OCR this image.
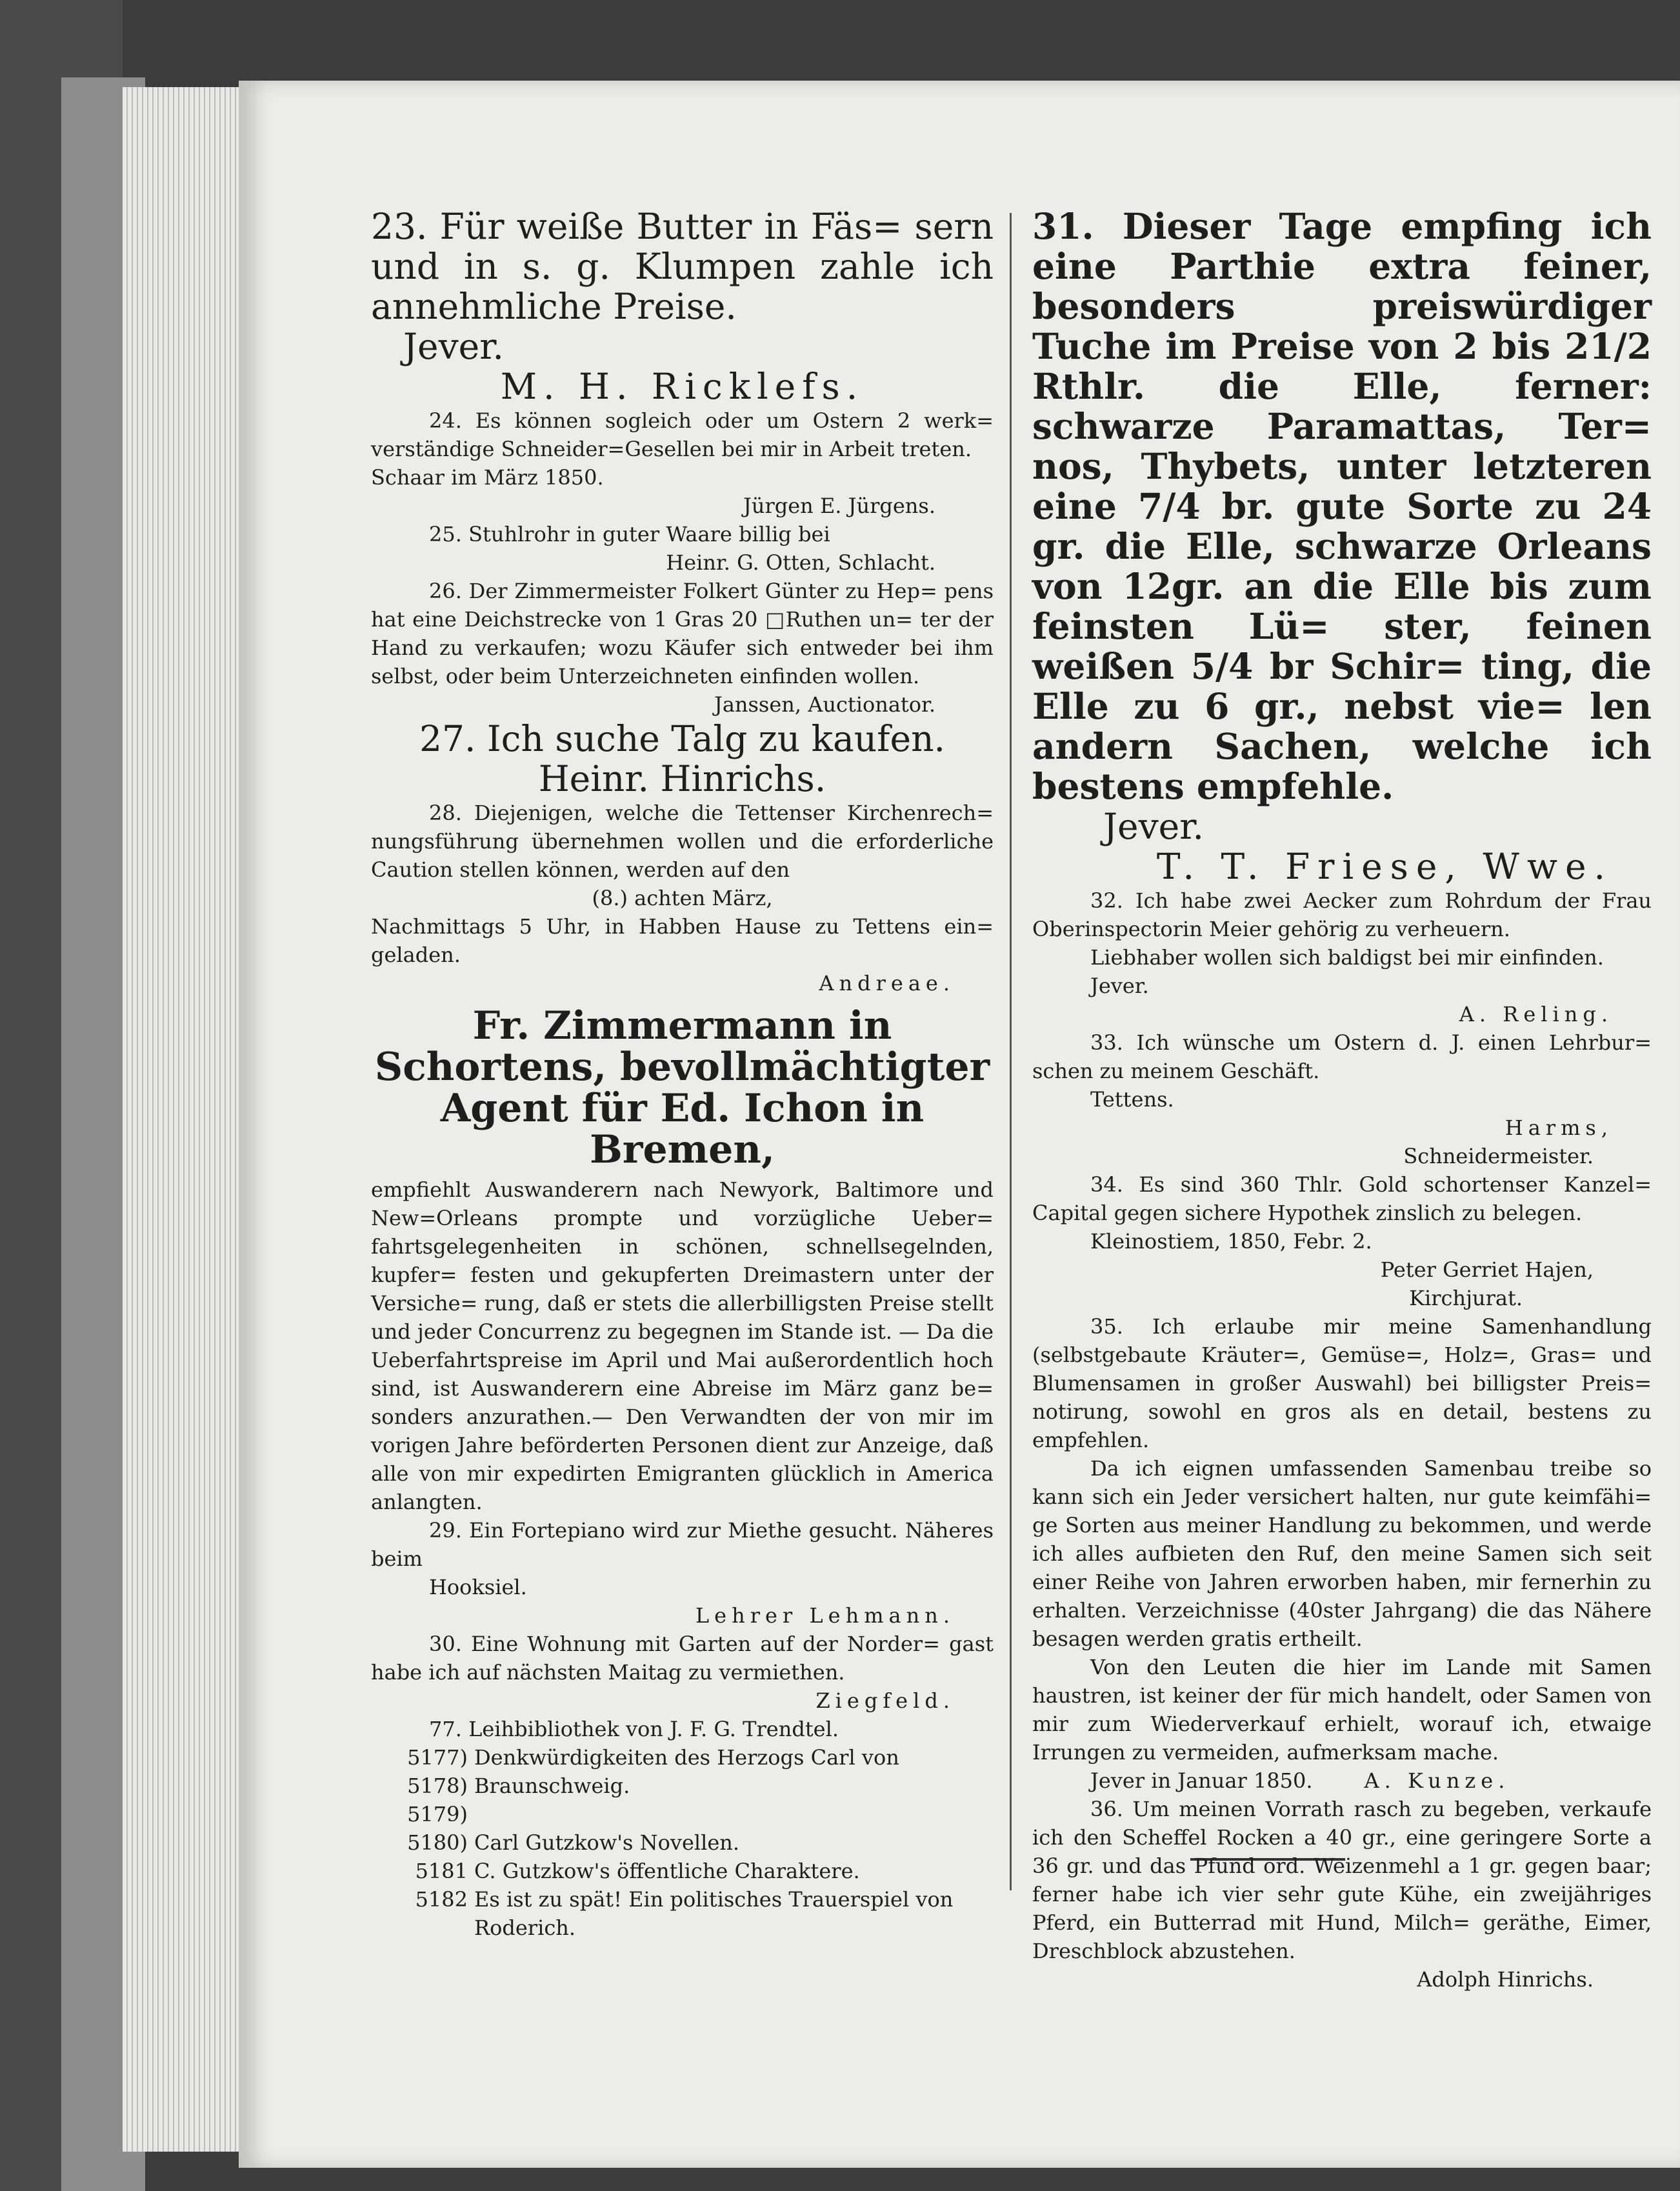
23. Für weiße Butter in Fäs= sern und in s. g. Klumpen zahle ich annehmliche Preise.

Jever.

M. H. Ricklefs.

24. Es können sogleich oder um Ostern 2 werk= verständige Schneider=Gesellen bei mir in Arbeit treten.

Schaar im März 1850.

Jürgen E. Jürgens.

25. Stuhlrohr in guter Waare billig bei

Heinr. G. Otten, Schlacht.

26. Der Zimmermeister Folkert Günter zu Hep= pens hat eine Deichstrecke von 1 Gras 20 □Ruthen un= ter der Hand zu verkaufen; wozu Käufer sich entweder bei ihm selbst, oder beim Unterzeichneten einfinden wollen.

Janssen, Auctionator.

27. Ich suche Talg zu kaufen.

Heinr. Hinrichs.

28. Diejenigen, welche die Tettenser Kirchenrech= nungsführung übernehmen wollen und die erforderliche Caution stellen können, werden auf den

(8.) achten März,

Nachmittags 5 Uhr, in Habben Hause zu Tettens ein= geladen.

Andreae.

Fr. Zimmermann in Schortens, bevollmächtigter Agent für Ed. Ichon in Bremen,

empfiehlt Auswanderern nach Newyork, Baltimore und New=Orleans prompte und vorzügliche Ueber= fahrtsgelegenheiten in schönen, schnellsegelnden, kupfer= festen und gekupferten Dreimastern unter der Versiche= rung, daß er stets die allerbilligsten Preise stellt und jeder Concurrenz zu begegnen im Stande ist. — Da die Ueberfahrtspreise im April und Mai außerordentlich hoch sind, ist Auswanderern eine Abreise im März ganz be= sonders anzurathen.— Den Verwandten der von mir im vorigen Jahre beförderten Personen dient zur Anzeige, daß alle von mir expedirten Emigranten glücklich in America anlangten.

29. Ein Fortepiano wird zur Miethe gesucht. Näheres beim

Hooksiel.

Lehrer Lehmann.

30. Eine Wohnung mit Garten auf der Norder= gast habe ich auf nächsten Maitag zu vermiethen.

Ziegfeld.

77. Leihbibliothek von J. F. G. Trendtel.

5177) Denkwürdigkeiten des Herzogs Carl von
5178) Braunschweig.
5179)
5180) Carl Gutzkow's Novellen.
5181 C. Gutzkow's öffentliche Charaktere.
5182 Es ist zu spät! Ein politisches Trauerspiel von Roderich.

31. Dieser Tage empfing ich eine Parthie extra feiner, besonders preiswürdiger Tuche im Preise von 2 bis 21/2 Rthlr. die Elle, ferner: schwarze Paramattas, Ter= nos, Thybets, unter letzteren eine 7/4 br. gute Sorte zu 24 gr. die Elle, schwarze Orleans von 12gr. an die Elle bis zum feinsten Lü= ster, feinen weißen 5/4 br Schir= ting, die Elle zu 6 gr., nebst vie= len andern Sachen, welche ich bestens empfehle.

Jever.

T. T. Friese, Wwe.

32. Ich habe zwei Aecker zum Rohrdum der Frau Oberinspectorin Meier gehörig zu verheuern.

Liebhaber wollen sich baldigst bei mir einfinden.

Jever.

A. Reling.

33. Ich wünsche um Ostern d. J. einen Lehrbur= schen zu meinem Geschäft.

Tettens.

Harms,

Schneidermeister.

34. Es sind 360 Thlr. Gold schortenser Kanzel= Capital gegen sichere Hypothek zinslich zu belegen.

Kleinostiem, 1850, Febr. 2.

Peter Gerriet Hajen,

Kirchjurat.

35. Ich erlaube mir meine Samenhandlung (selbstgebaute Kräuter=, Gemüse=, Holz=, Gras= und Blumensamen in großer Auswahl) bei billigster Preis= notirung, sowohl en gros als en detail, bestens zu empfehlen.

Da ich eignen umfassenden Samenbau treibe so kann sich ein Jeder versichert halten, nur gute keimfähi= ge Sorten aus meiner Handlung zu bekommen, und werde ich alles aufbieten den Ruf, den meine Samen sich seit einer Reihe von Jahren erworben haben, mir fernerhin zu erhalten. Verzeichnisse (40ster Jahrgang) die das Nähere besagen werden gratis ertheilt.

Von den Leuten die hier im Lande mit Samen haustren, ist keiner der für mich handelt, oder Samen von mir zum Wiederverkauf erhielt, worauf ich, etwaige Irrungen zu vermeiden, aufmerksam mache.

Jever in Januar 1850.	A. Kunze.

36. Um meinen Vorrath rasch zu begeben, verkaufe ich den Scheffel Rocken a 40 gr., eine geringere Sorte a 36 gr. und das Pfund ord. Weizenmehl a 1 gr. gegen baar; ferner habe ich vier sehr gute Kühe, ein zweijähriges Pferd, ein Butterrad mit Hund, Milch= geräthe, Eimer, Dreschblock abzustehen.

Adolph Hinrichs.
